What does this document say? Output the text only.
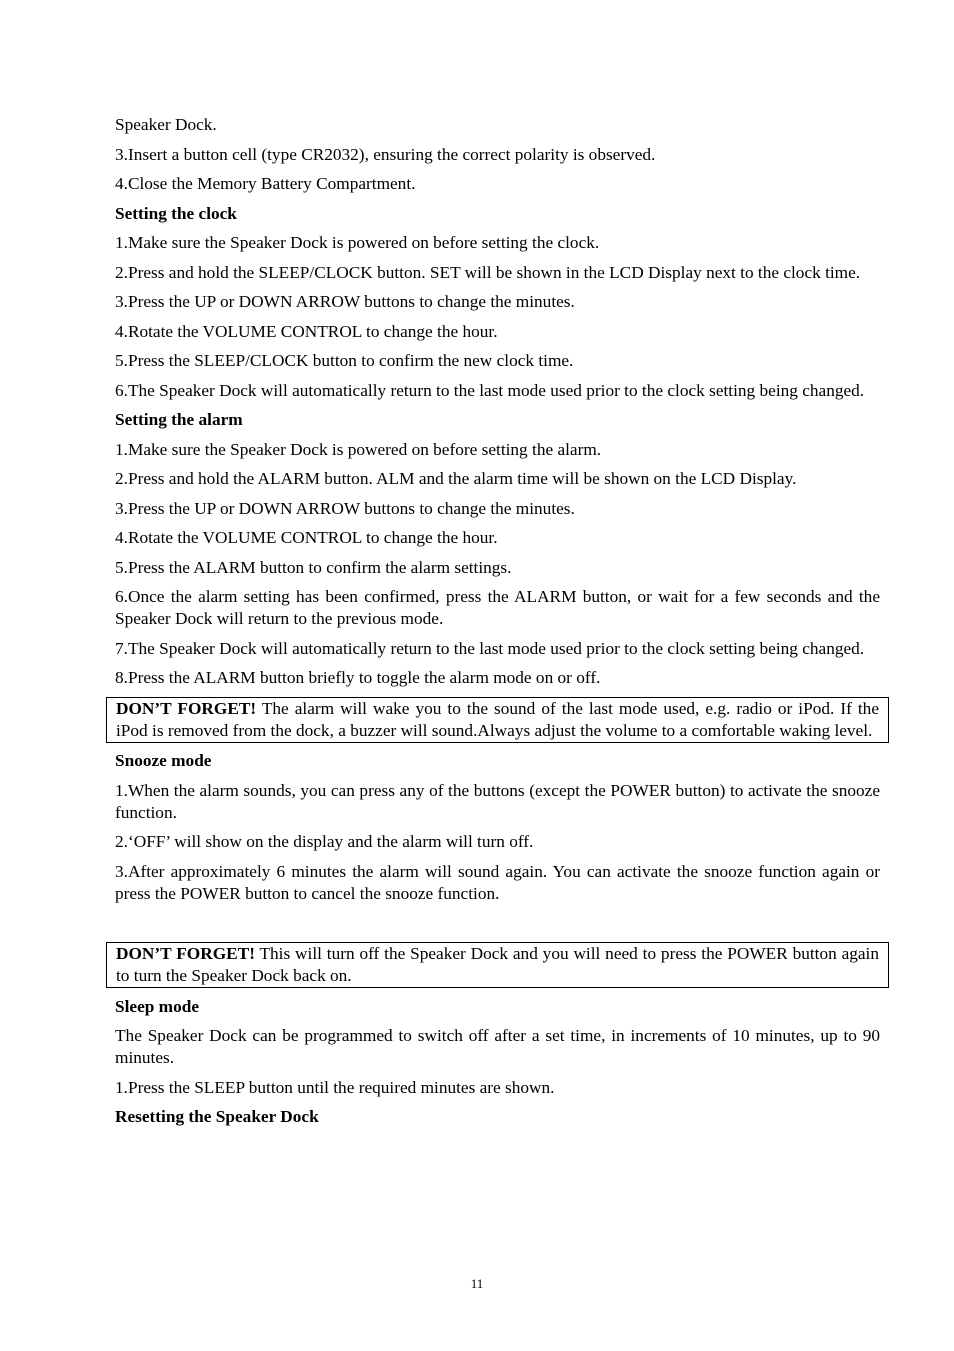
Speaker Dock.

3.Insert a button cell (type CR2032), ensuring the correct polarity is observed.

4.Close the Memory Battery Compartment.

Setting the clock

1.Make sure the Speaker Dock is powered on before setting the clock.

2.Press and hold the SLEEP/CLOCK button. SET will be shown in the LCD Display next to the clock time.

3.Press the UP or DOWN ARROW buttons to change the minutes.

4.Rotate the VOLUME CONTROL to change the hour.

5.Press the SLEEP/CLOCK button to confirm the new clock time.

6.The Speaker Dock will automatically return to the last mode used prior to the clock setting being changed.

Setting the alarm

1.Make sure the Speaker Dock is powered on before setting the alarm.

2.Press and hold the ALARM button. ALM and the alarm time will be shown on the LCD Display.

3.Press the UP or DOWN ARROW buttons to change the minutes.

4.Rotate the VOLUME CONTROL to change the hour.

5.Press the ALARM button to confirm the alarm settings.

6.Once the alarm setting has been confirmed, press the ALARM button, or wait for a few seconds and the Speaker Dock will return to the previous mode.

7.The Speaker Dock will automatically return to the last mode used prior to the clock setting being changed.

8.Press the ALARM button briefly to toggle the alarm mode on or off.

DON’T FORGET! The alarm will wake you to the sound of the last mode used, e.g. radio or iPod. If the iPod is removed from the dock, a buzzer will sound.Always adjust the volume to a comfortable waking level.
Snooze mode

1.When the alarm sounds, you can press any of the buttons (except the POWER button) to activate the snooze function.

2.‘OFF’ will show on the display and the alarm will turn off.

3.After approximately 6 minutes the alarm will sound again. You can activate the snooze function again or press the POWER button to cancel the snooze function.

DON’T FORGET! This will turn off the Speaker Dock and you will need to press the POWER button again to turn the Speaker Dock back on.
Sleep mode

The Speaker Dock can be programmed to switch off after a set time, in increments of 10 minutes, up to 90 minutes.

1.Press the SLEEP button until the required minutes are shown.

Resetting the Speaker Dock
11
